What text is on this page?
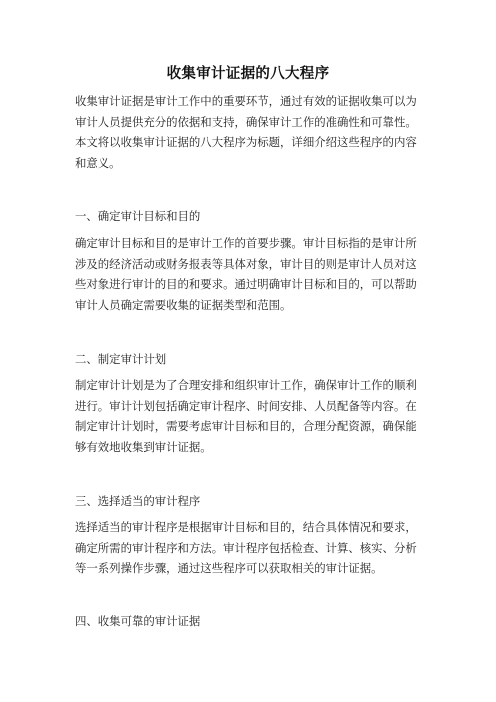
收集审计证据的八大程序

收集审计证据是审计工作中的重要环节，通过有效的证据收集可以为审计人员提供充分的依据和支持，确保审计工作的准确性和可靠性。本文将以收集审计证据的八大程序为标题，详细介绍这些程序的内容和意义。

一、确定审计目标和目的

确定审计目标和目的是审计工作的首要步骤。审计目标指的是审计所涉及的经济活动或财务报表等具体对象，审计目的则是审计人员对这些对象进行审计的目的和要求。通过明确审计目标和目的，可以帮助审计人员确定需要收集的证据类型和范围。

二、制定审计计划

制定审计计划是为了合理安排和组织审计工作，确保审计工作的顺利进行。审计计划包括确定审计程序、时间安排、人员配备等内容。在制定审计计划时，需要考虑审计目标和目的，合理分配资源，确保能够有效地收集到审计证据。

三、选择适当的审计程序

选择适当的审计程序是根据审计目标和目的，结合具体情况和要求，确定所需的审计程序和方法。审计程序包括检查、计算、核实、分析等一系列操作步骤，通过这些程序可以获取相关的审计证据。

四、收集可靠的审计证据
